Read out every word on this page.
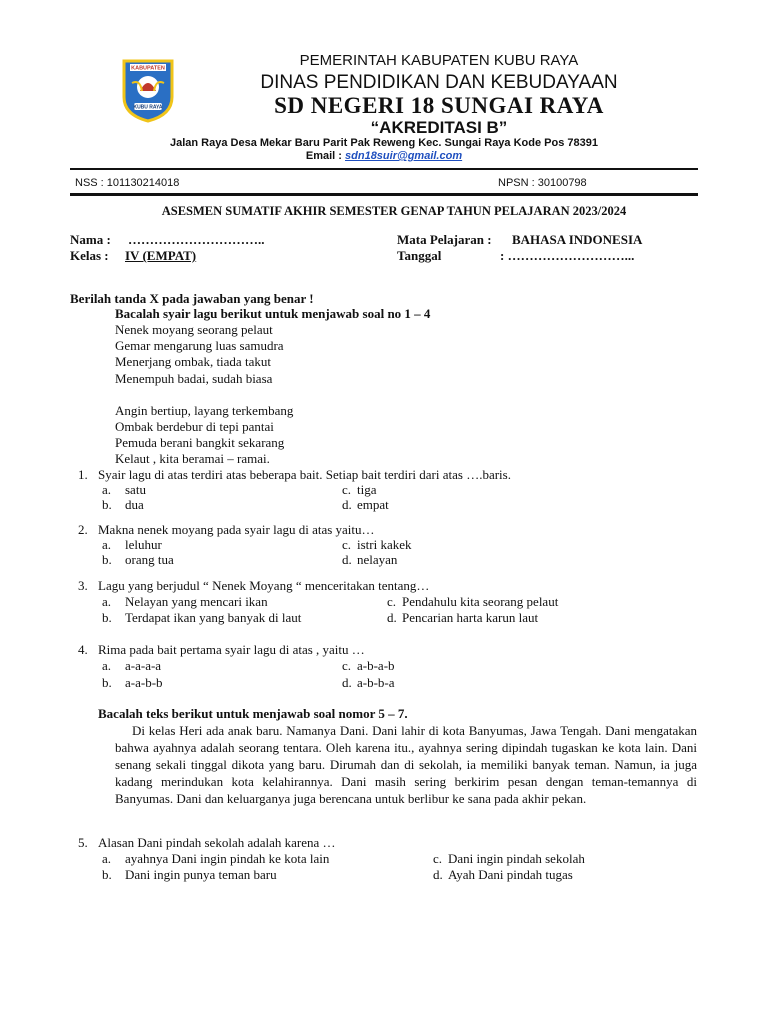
KABUPATEN
KUBU RAYA
PEMERINTAH KABUPATEN KUBU RAYA
DINAS PENDIDIKAN DAN KEBUDAYAAN
SD NEGERI 18 SUNGAI RAYA
“AKREDITASI B”
Jalan Raya Desa Mekar Baru Parit Pak Reweng Kec. Sungai Raya Kode Pos 78391
Email : sdn18suir@gmail.com
NSS : 101130214018	NPSN : 30100798
ASESMEN SUMATIF AKHIR SEMESTER GENAP TAHUN PELAJARAN 2023/2024
Nama : …………………………..
Kelas : IV (EMPAT)
Mata Pelajaran : BAHASA INDONESIA
Tanggal	: ………………………...
Berilah tanda X pada jawaban yang benar !
Bacalah syair lagu berikut untuk menjawab soal no 1 – 4
Nenek moyang seorang pelaut
Gemar mengarung luas samudra
Menerjang ombak, tiada takut
Menempuh badai, sudah biasa
Angin bertiup, layang terkembang
Ombak berdebur di tepi pantai
Pemuda berani bangkit sekarang
Kelaut , kita beramai – ramai.
1. Syair lagu di atas terdiri atas beberapa bait. Setiap bait terdiri dari atas ….baris.
a. satu
b. dua
c. tiga
d. empat
2. Makna nenek moyang pada syair lagu di atas yaitu…
a. leluhur
b. orang tua
c. istri kakek
d. nelayan
3. Lagu yang berjudul “ Nenek Moyang “ menceritakan tentang…
a. Nelayan yang mencari ikan
b. Terdapat ikan yang banyak di laut
c. Pendahulu kita seorang pelaut
d. Pencarian harta karun laut
4. Rima pada bait pertama syair lagu di atas , yaitu …
a. a-a-a-a
b. a-a-b-b
c. a-b-a-b
d. a-b-b-a
Bacalah teks berikut untuk menjawab soal nomor 5 – 7.
Di kelas Heri ada anak baru. Namanya Dani. Dani lahir di kota Banyumas, Jawa Tengah. Dani mengatakan bahwa ayahnya adalah seorang tentara. Oleh karena itu., ayahnya sering dipindah tugaskan ke kota lain. Dani senang sekali tinggal dikota yang baru. Dirumah dan di sekolah, ia memiliki banyak teman. Namun, ia juga kadang merindukan kota kelahirannya. Dani masih sering berkirim pesan dengan teman-temannya di Banyumas. Dani dan keluarganya juga berencana untuk berlibur ke sana pada akhir pekan.
5. Alasan Dani pindah sekolah adalah karena …
a. ayahnya Dani ingin pindah ke kota lain
b. Dani ingin punya teman baru
c. Dani ingin pindah sekolah
d. Ayah Dani pindah tugas
